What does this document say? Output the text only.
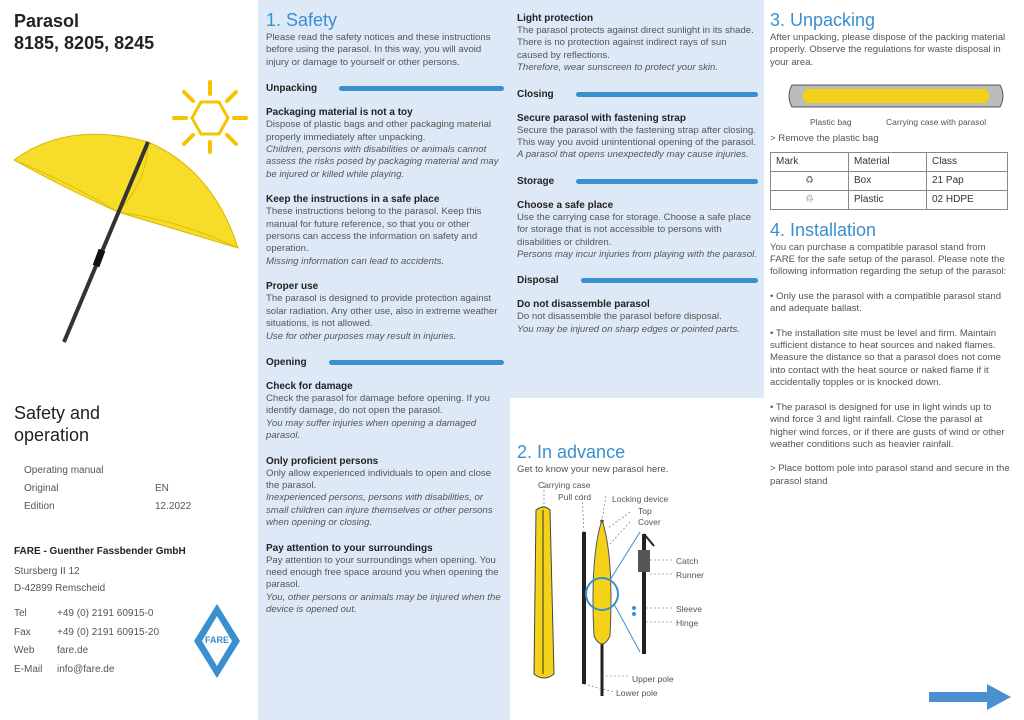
Parasol
8185, 8205, 8245
Safety and
operation
Operating manual
Original	EN
Edition	12.2022
FARE - Guenther Fassbender GmbH
Stursberg II 12
D-42899 Remscheid
Tel	+49 (0) 2191 60915-0
Fax	+49 (0) 2191 60915-20
Web	fare.de
E-Mail	info@fare.de
FARE
1. Safety
Please read the safety notices and these instructions before using the parasol. In this way, you will avoid injury or damage to yourself or other persons.
Unpacking
Packaging material is not a toy
Dispose of plastic bags and other packaging material properly immediately after unpacking.
Children, persons with disabilities or animals cannot assess the risks posed by packaging material and may be injured or killed while playing.
Keep the instructions in a safe place
These instructions belong to the parasol. Keep this manual for future reference, so that you or other persons can access the information on safety and operation.
Missing information can lead to accidents.
Proper use
The parasol is designed to provide protection against solar radiation. Any other use, also in extreme weather situations, is not allowed.
Use for other purposes may result in injuries.
Opening
Check for damage
Check the parasol for damage before opening. If you identify damage, do not open the parasol.
You may suffer injuries when opening a damaged parasol.
Only proficient persons
Only allow experienced individuals to open and close the parasol.
Inexperienced persons, persons with disabilities, or small children can injure themselves or other persons when opening or closing.
Pay attention to your surroundings
Pay attention to your surroundings when opening. You need enough free space around you when opening the parasol.
You, other persons or animals may be injured when the device is opened out.
Light protection
The parasol protects against direct sunlight in its shade. There is no protection against indirect rays of sun caused by reflections.
Therefore, wear sunscreen to protect your skin.
Closing
Secure parasol with fastening strap
Secure the parasol with the fastening strap after closing. This way you avoid unintentional opening of the parasol.
A parasol that opens unexpectedly may cause injuries.
Storage
Choose a safe place
Use the carrying case for storage. Choose a safe place for storage that is not accessible to persons with disabilities or children.
Persons may incur injuries from playing with the parasol.
Disposal
Do not disassemble parasol
Do not disassemble the parasol before disposal.
You may be injured on sharp edges or pointed parts.
2. In advance
Get to know your new parasol here.
Carrying case
Pull cord Locking device
Top
Cover
Catch
Runner
Sleeve
Hinge
Upper pole
Lower pole
3. Unpacking
After unpacking, please dispose of the packing material properly. Observe the regulations for waste disposal in your area.
Plastic bag	Carrying case with parasol
> Remove the plastic bag
Mark	Material	Class
♻	Box	21 Pap
♲	Plastic	02 HDPE
4. Installation
You can purchase a compatible parasol stand from FARE for the safe setup of the parasol. Please note the following information regarding the setup of the parasol:
• Only use the parasol with a compatible parasol stand and adequate ballast.
• The installation site must be level and firm. Maintain sufficient distance to heat sources and naked flames. Measure the distance so that a parasol does not come into contact with the heat source or naked flame if it accidentally topples or is knocked down.
• The parasol is designed for use in light winds up to wind force 3 and light rainfall. Close the parasol at higher wind forces, or if there are gusts of wind or other weather conditions such as heavier rainfall.
> Place bottom pole into parasol stand and secure in the parasol stand
